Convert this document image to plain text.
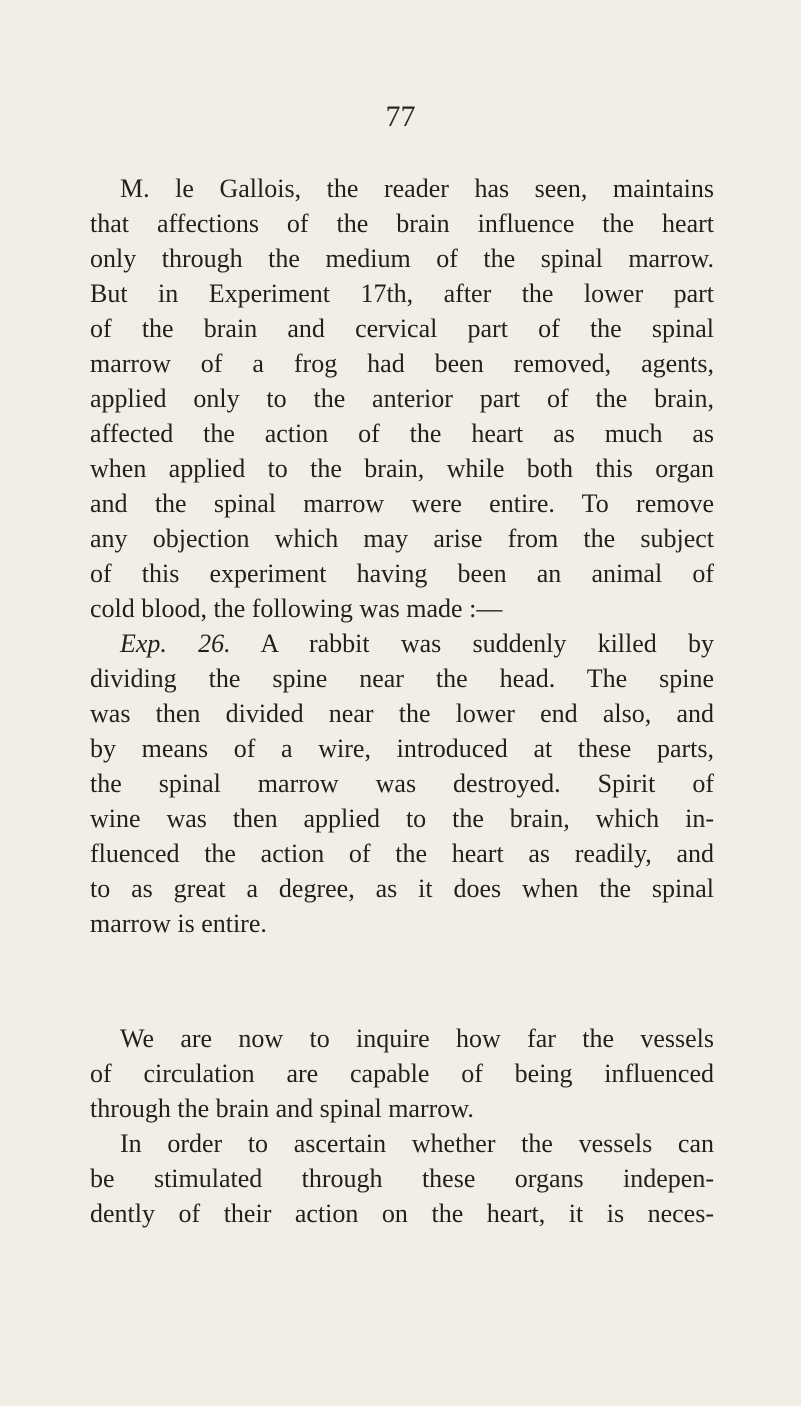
77
M. le Gallois, the reader has seen, maintains
that affections of the brain influence the heart
only through the medium of the spinal marrow.
But in Experiment 17th, after the lower part
of the brain and cervical part of the spinal
marrow of a frog had been removed, agents,
applied only to the anterior part of the brain,
affected the action of the heart as much as
when applied to the brain, while both this organ
and the spinal marrow were entire. To remove
any objection which may arise from the subject
of this experiment having been an animal of
cold blood, the following was made :—
Exp. 26. A rabbit was suddenly killed by
dividing the spine near the head. The spine
was then divided near the lower end also, and
by means of a wire, introduced at these parts,
the spinal marrow was destroyed. Spirit of
wine was then applied to the brain, which in-
fluenced the action of the heart as readily, and
to as great a degree, as it does when the spinal
marrow is entire.
We are now to inquire how far the vessels
of circulation are capable of being influenced
through the brain and spinal marrow.
In order to ascertain whether the vessels can
be stimulated through these organs indepen-
dently of their action on the heart, it is neces-
